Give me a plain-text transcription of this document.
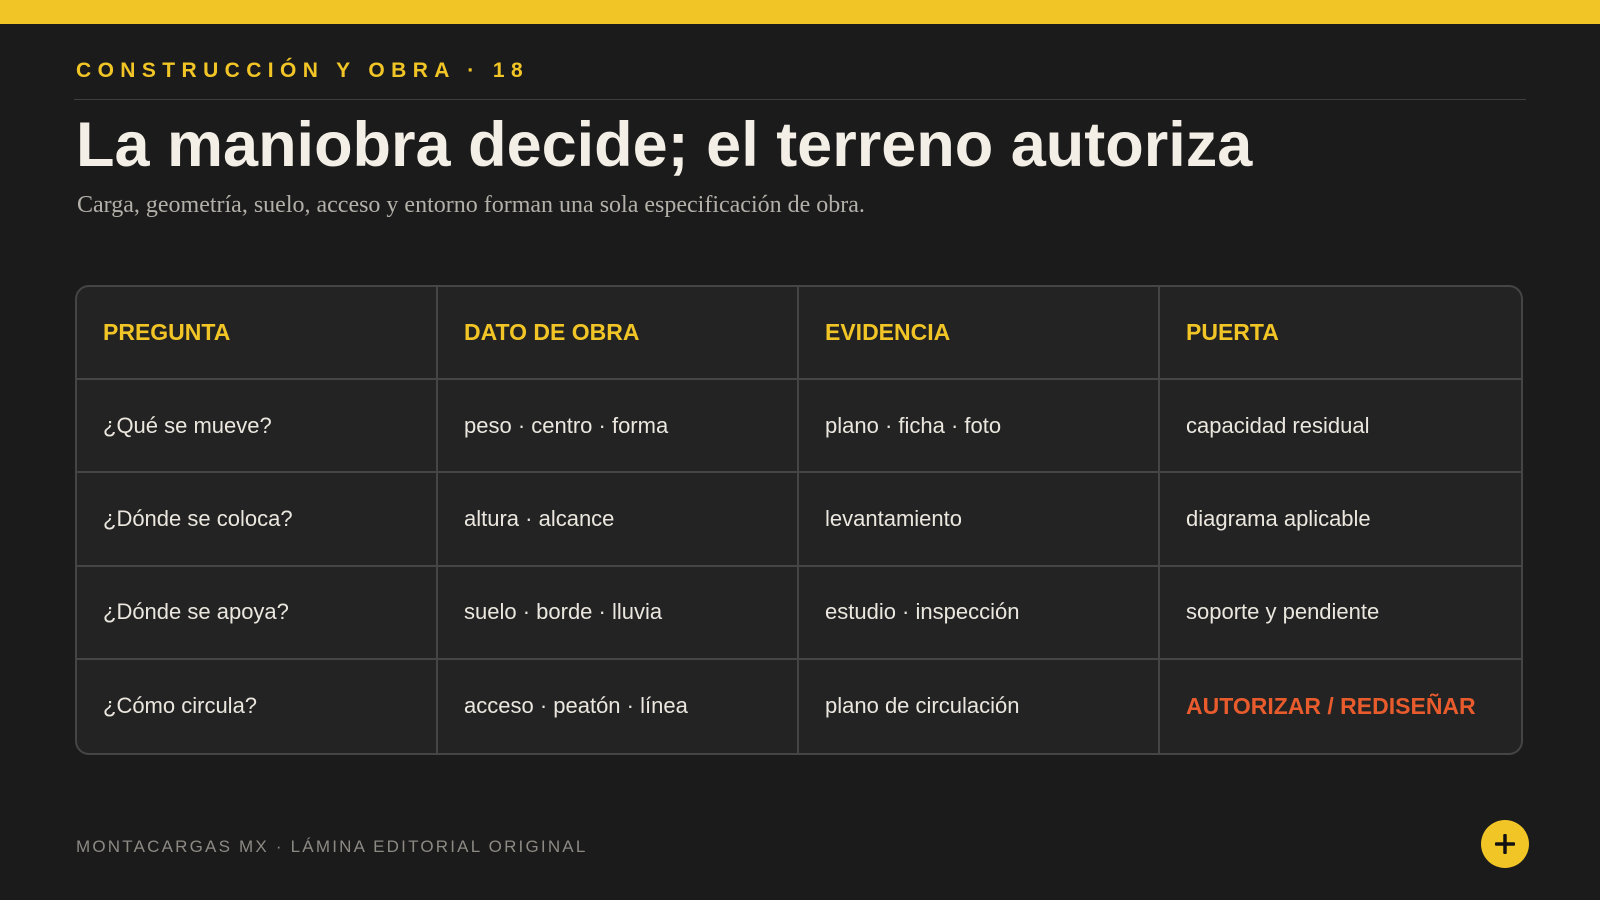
CONSTRUCCIÓN Y OBRA · 18
La maniobra decide; el terreno autoriza
Carga, geometría, suelo, acceso y entorno forman una sola especificación de obra.
PREGUNTA	DATO DE OBRA	EVIDENCIA	PUERTA
¿Qué se mueve?	peso · centro · forma	plano · ficha · foto	capacidad residual
¿Dónde se coloca?	altura · alcance	levantamiento	diagrama aplicable
¿Dónde se apoya?	suelo · borde · lluvia	estudio · inspección	soporte y pendiente
¿Cómo circula?	acceso · peatón · línea	plano de circulación	AUTORIZAR / REDISEÑAR
MONTACARGAS MX · LÁMINA EDITORIAL ORIGINAL
